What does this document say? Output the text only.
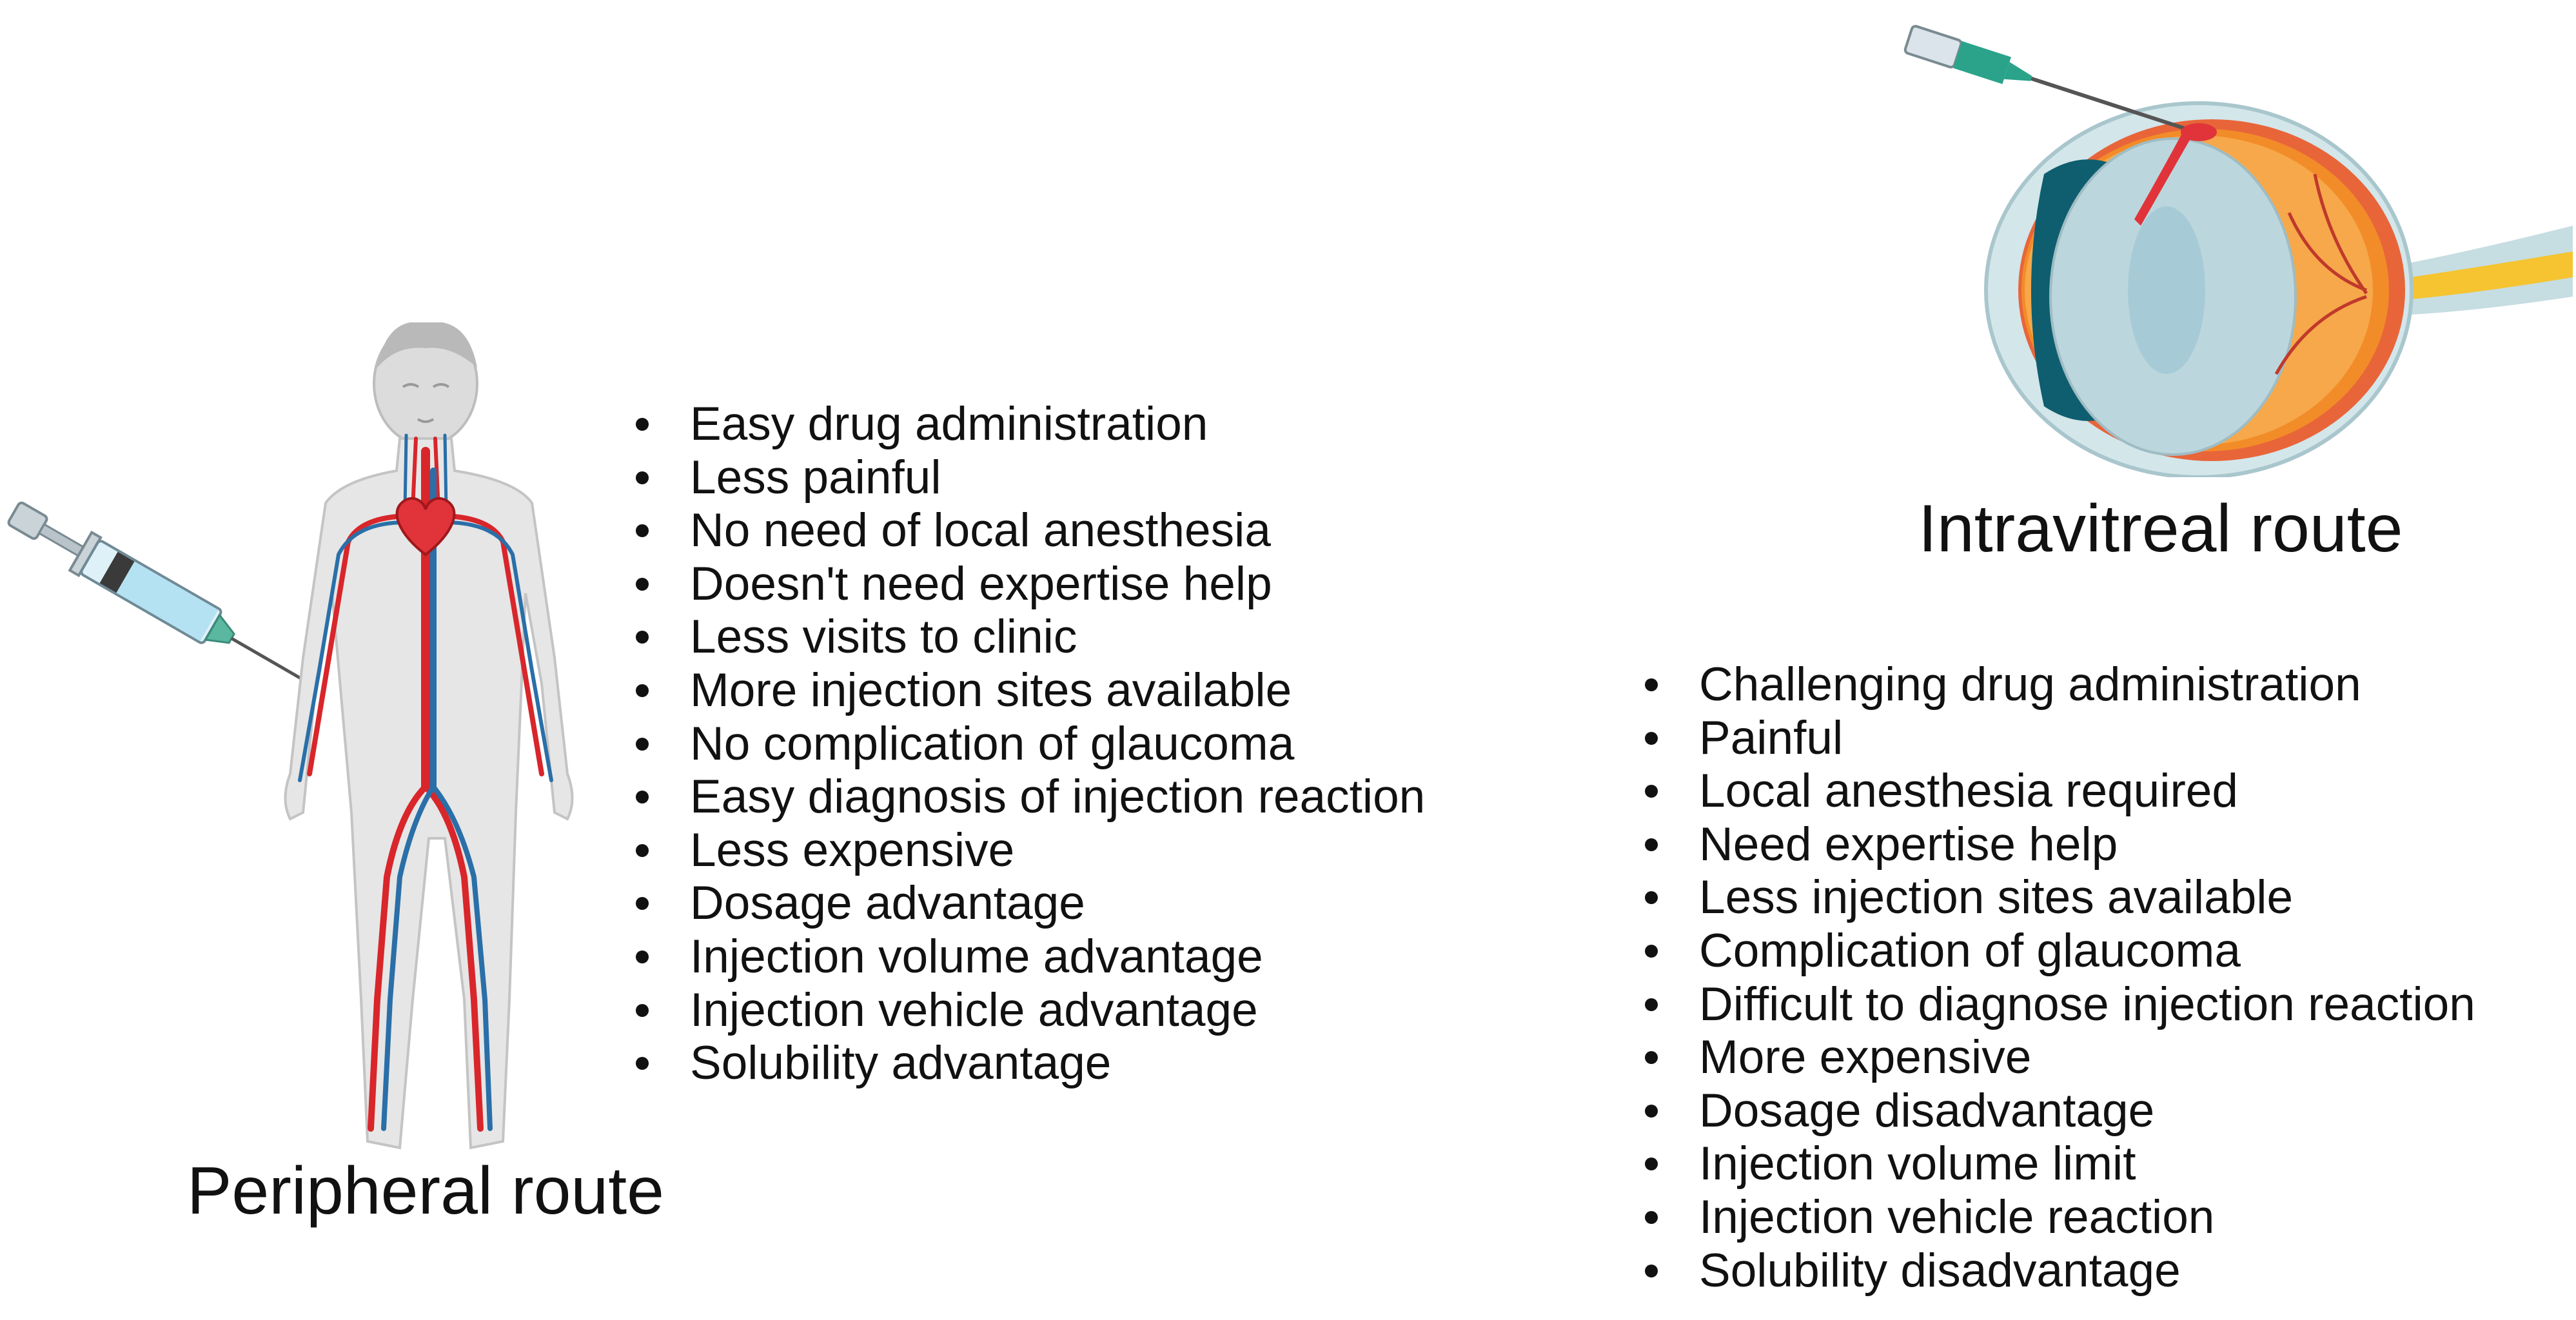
Easy drug administration
Less painful
No need of local anesthesia
Doesn't need expertise help
Less visits to clinic
More injection sites available
No complication of glaucoma
Easy diagnosis of injection reaction
Less expensive
Dosage advantage
Injection volume advantage
Injection vehicle advantage
Solubility advantage
Peripheral route
Intravitreal route
Challenging drug administration
Painful
Local anesthesia required
Need expertise help
Less injection sites available
Complication of glaucoma
Difficult to diagnose injection reaction
More expensive
Dosage disadvantage
Injection volume limit
Injection vehicle reaction
Solubility disadvantage
